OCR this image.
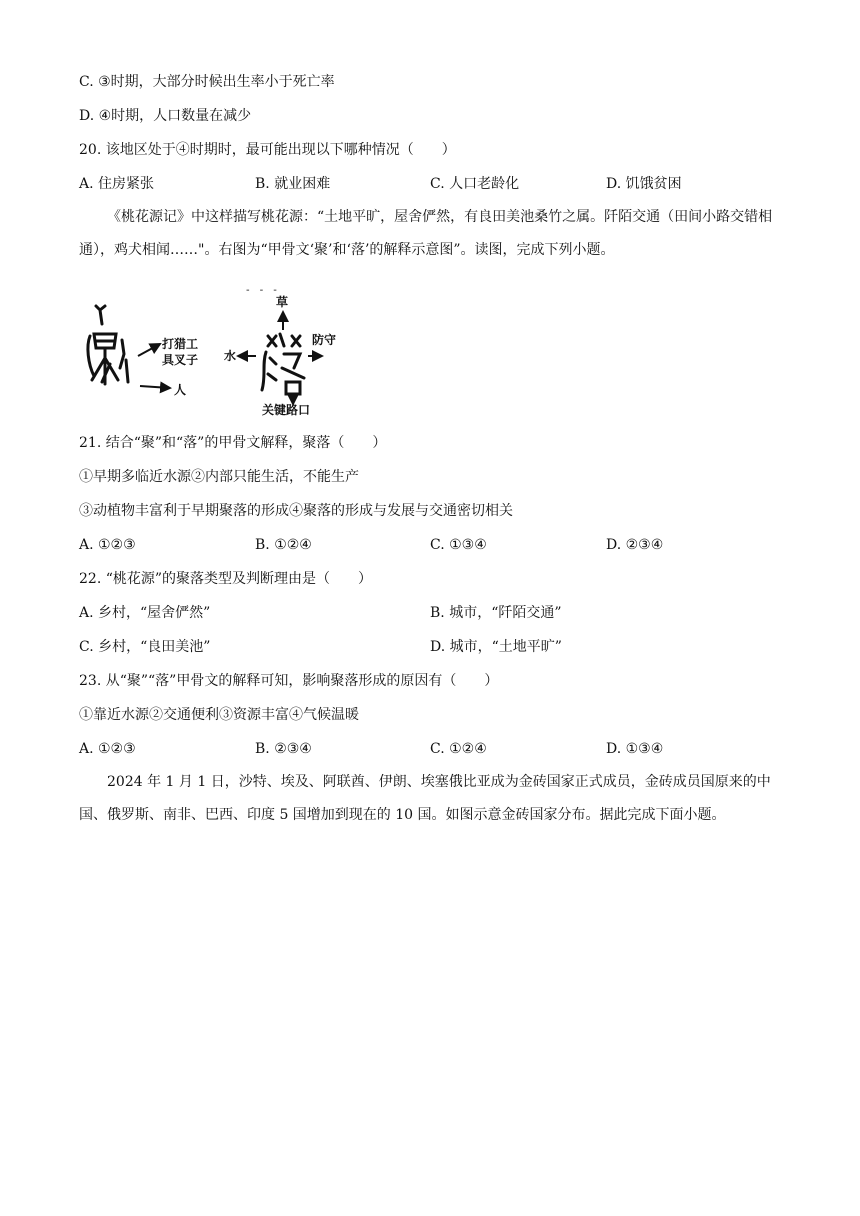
C. ③时期，大部分时候出生率小于死亡率
D. ④时期，人口数量在减少
20. 该地区处于④时期时，最可能出现以下哪种情况（　　）
A. 住房紧张	B. 就业困难	C. 人口老龄化	D. 饥饿贫困
《桃花源记》中这样描写桃花源：“土地平旷，屋舍俨然，有良田美池桑竹之属。阡陌交通（田间小路交错相通），鸡犬相闻……"。右图为“甲骨文‘聚’和‘落’的解释示意图”。读图，完成下列小题。
打猎工
具叉子
人
-　-　-
草
水
防守
关键路口
21. 结合“聚”和“落”的甲骨文解释，聚落（　　）
①早期多临近水源②内部只能生活，不能生产
③动植物丰富利于早期聚落的形成④聚落的形成与发展与交通密切相关
A. ①②③	B. ①②④	C. ①③④	D. ②③④
22. “桃花源”的聚落类型及判断理由是（　　）
A. 乡村，“屋舍俨然”	B. 城市，“阡陌交通”
C. 乡村，“良田美池”	D. 城市，“土地平旷”
23. 从“聚”“落”甲骨文的解释可知，影响聚落形成的原因有（　　）
①靠近水源②交通便利③资源丰富④气候温暖
A. ①②③	B. ②③④	C. ①②④	D. ①③④
2024 年 1 月 1 日，沙特、埃及、阿联酋、伊朗、埃塞俄比亚成为金砖国家正式成员，金砖成员国原来的中国、俄罗斯、南非、巴西、印度 5 国增加到现在的 10 国。如图示意金砖国家分布。据此完成下面小题。
